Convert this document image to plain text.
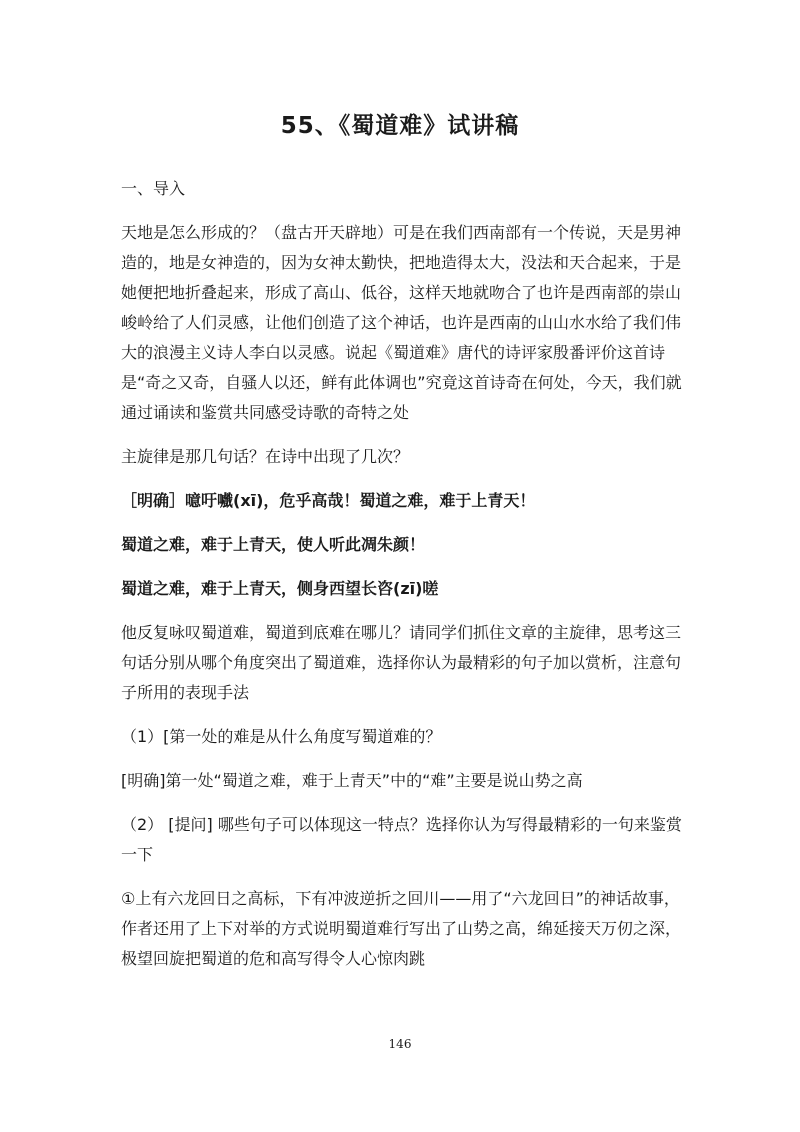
55、《蜀道难》试讲稿

一、导入

天地是怎么形成的？（盘古开天辟地）可是在我们西南部有一个传说，天是男神造的，地是女神造的，因为女神太勤快，把地造得太大，没法和天合起来，于是她便把地折叠起来，形成了高山、低谷，这样天地就吻合了也许是西南部的崇山峻岭给了人们灵感，让他们创造了这个神话，也许是西南的山山水水给了我们伟大的浪漫主义诗人李白以灵感。说起《蜀道难》唐代的诗评家殷番评价这首诗是“奇之又奇，自骚人以还，鲜有此体调也”究竟这首诗奇在何处，今天，我们就通过诵读和鉴赏共同感受诗歌的奇特之处

主旋律是那几句话？在诗中出现了几次？

［明确］噫吁嚱(xī)，危乎高哉！蜀道之难，难于上青天！

蜀道之难，难于上青天，使人听此凋朱颜！

蜀道之难，难于上青天，侧身西望长咨(zī)嗟

他反复咏叹蜀道难，蜀道到底难在哪儿？请同学们抓住文章的主旋律，思考这三句话分别从哪个角度突出了蜀道难，选择你认为最精彩的句子加以赏析，注意句子所用的表现手法

（1）[第一处的难是从什么角度写蜀道难的？

[明确]第一处“蜀道之难，难于上青天”中的“难”主要是说山势之高

（2） [提问] 哪些句子可以体现这一特点？选择你认为写得最精彩的一句来鉴赏一下

①上有六龙回日之高标，下有冲波逆折之回川——用了“六龙回日”的神话故事，作者还用了上下对举的方式说明蜀道难行写出了山势之高，绵延接天万仞之深，极望回旋把蜀道的危和高写得令人心惊肉跳

146
